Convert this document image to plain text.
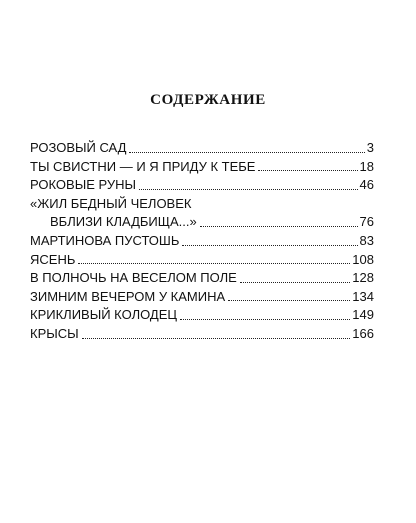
СОДЕРЖАНИЕ
РОЗОВЫЙ САД	3
ТЫ СВИСТНИ — И Я ПРИДУ К ТЕБЕ	18
РОКОВЫЕ РУНЫ	46
«ЖИЛ БЕДНЫЙ ЧЕЛОВЕК
ВБЛИЗИ КЛАДБИЩА...»	76
МАРТИНОВА ПУСТОШЬ	83
ЯСЕНЬ	108
В ПОЛНОЧЬ НА ВЕСЕЛОМ ПОЛЕ	128
ЗИМНИМ ВЕЧЕРОМ У КАМИНА	134
КРИКЛИВЫЙ КОЛОДЕЦ	149
КРЫСЫ	166
